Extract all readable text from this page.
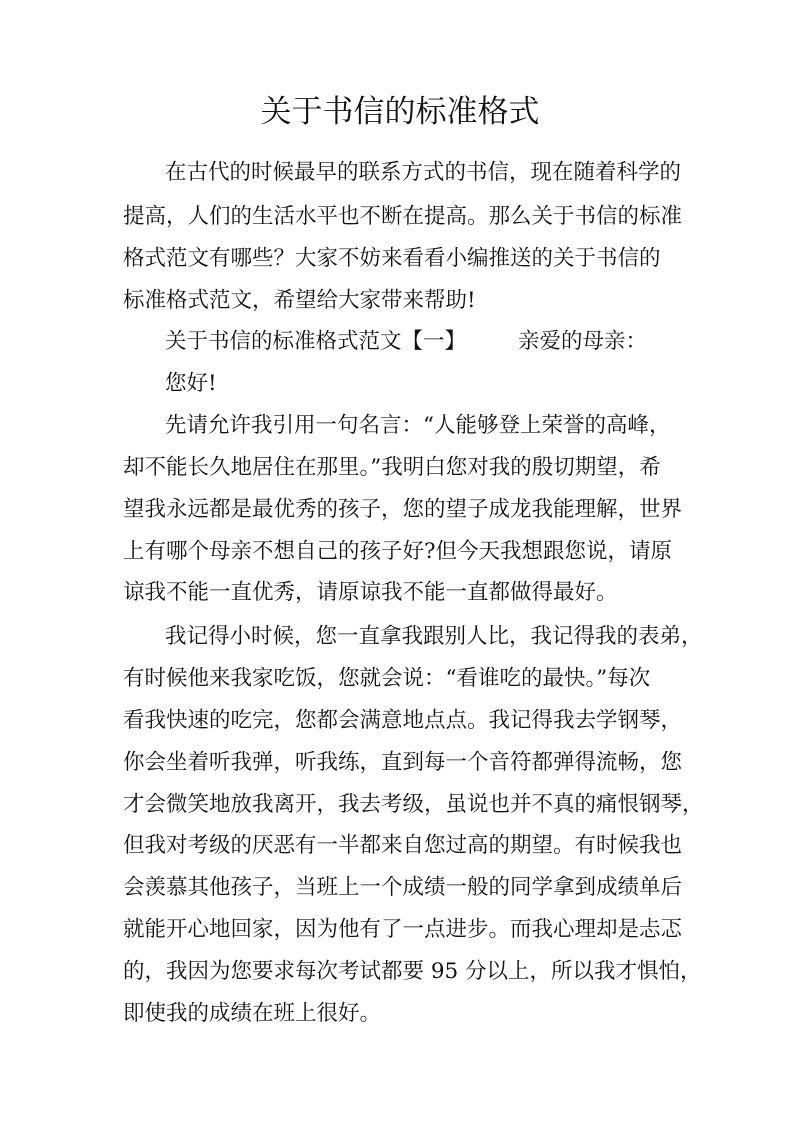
关于书信的标准格式
在古代的时候最早的联系方式的书信，现在随着科学的
提高，人们的生活水平也不断在提高。那么关于书信的标准
格式范文有哪些？大家不妨来看看小编推送的关于书信的
标准格式范文，希望给大家带来帮助!
关于书信的标准格式范文【一】 亲爱的母亲：
您好!
先请允许我引用一句名言：“人能够登上荣誉的高峰，
却不能长久地居住在那里。”我明白您对我的殷切期望，希
望我永远都是最优秀的孩子，您的望子成龙我能理解，世界
上有哪个母亲不想自己的孩子好?但今天我想跟您说，请原
谅我不能一直优秀，请原谅我不能一直都做得最好。
我记得小时候，您一直拿我跟别人比，我记得我的表弟，
有时候他来我家吃饭，您就会说：“看谁吃的最快。”每次
看我快速的吃完，您都会满意地点点。我记得我去学钢琴，
你会坐着听我弹，听我练，直到每一个音符都弹得流畅，您
才会微笑地放我离开，我去考级，虽说也并不真的痛恨钢琴，
但我对考级的厌恶有一半都来自您过高的期望。有时候我也
会羡慕其他孩子，当班上一个成绩一般的同学拿到成绩单后
就能开心地回家，因为他有了一点进步。而我心理却是忐忑
的，我因为您要求每次考试都要 95 分以上，所以我才惧怕，
即使我的成绩在班上很好。
